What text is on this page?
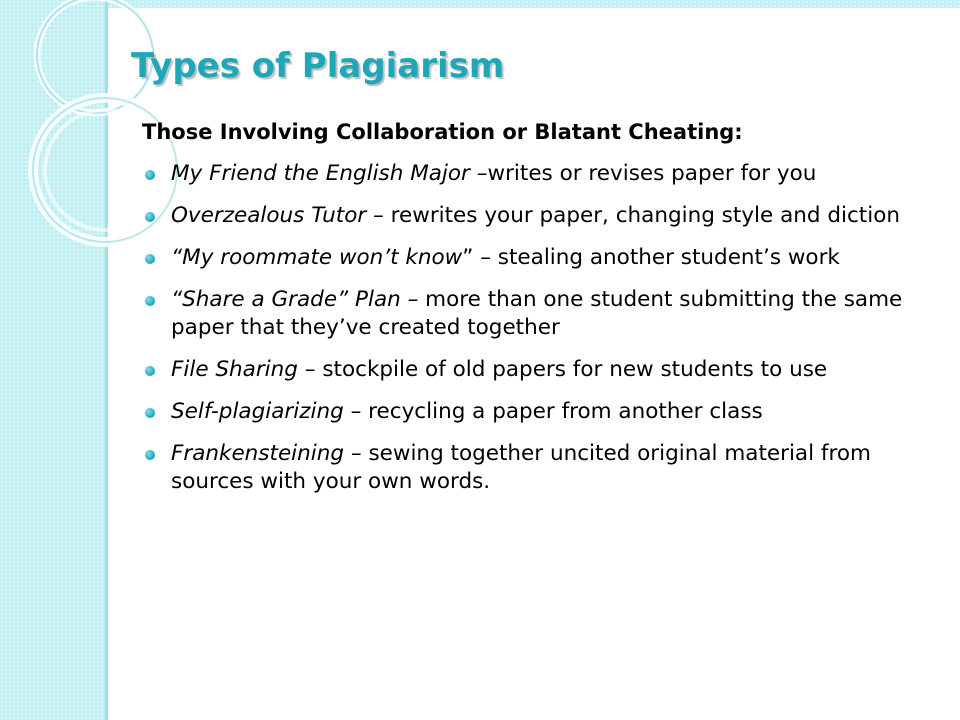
Types of Plagiarism

Those Involving Collaboration or Blatant Cheating:

My Friend the English Major –writes or revises paper for you
Overzealous Tutor – rewrites your paper, changing style and diction
“My roommate won’t know” – stealing another student’s work
“Share a Grade” Plan – more than one student submitting the same paper that they’ve created together
File Sharing – stockpile of old papers for new students to use
Self-plagiarizing – recycling a paper from another class
Frankensteining – sewing together uncited original material from sources with your own words.
